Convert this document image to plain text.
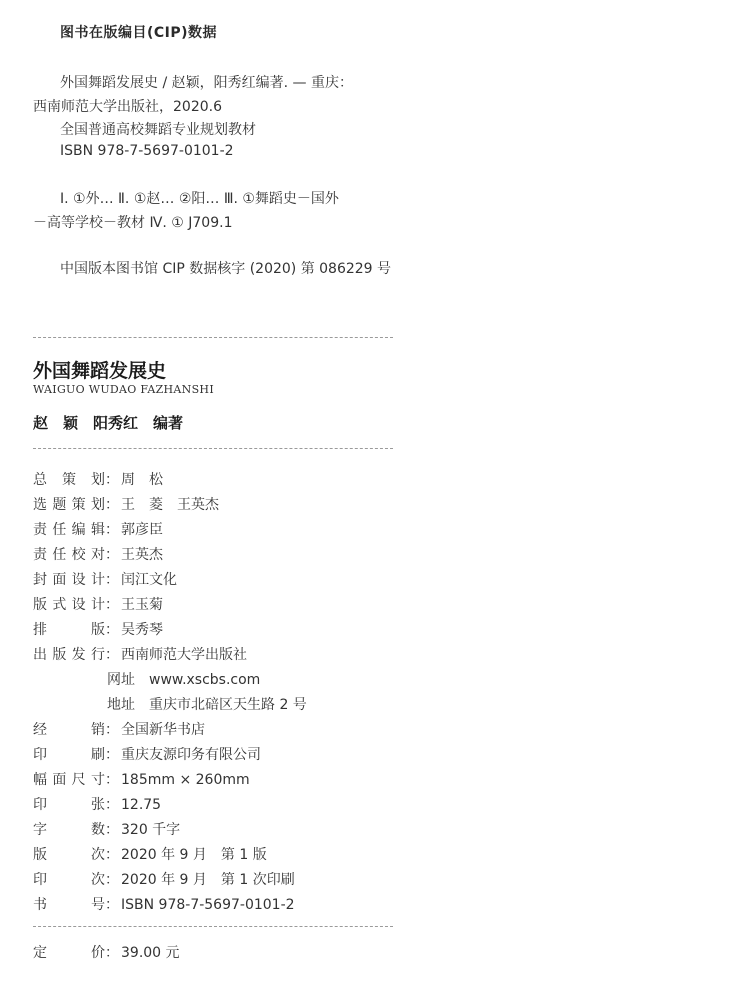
图书在版编目(CIP)数据
外国舞蹈发展史 / 赵颖，阳秀红编著. — 重庆：
西南师范大学出版社，2020.6
全国普通高校舞蹈专业规划教材
ISBN 978-7-5697-0101-2
Ⅰ. ①外… Ⅱ. ①赵… ②阳… Ⅲ. ①舞蹈史－国外
－高等学校－教材 Ⅳ. ① J709.1
中国版本图书馆 CIP 数据核字 (2020) 第 086229 号
外国舞蹈发展史
WAIGUO WUDAO FAZHANSHI
赵　颖　阳秀红　编著
总 策 划： 周　松
选题策划： 王　菱　王英杰
责任编辑： 郭彦臣
责任校对： 王英杰
封面设计： 闰江文化
版式设计： 王玉菊
排　　版： 吴秀琴
出版发行： 西南师范大学出版社
网址　www.xscbs.com
地址　重庆市北碚区天生路 2 号
经　　销： 全国新华书店
印　　刷： 重庆友源印务有限公司
幅面尺寸： 185mm × 260mm
印　　张： 12.75
字　　数： 320 千字
版　　次： 2020 年 9 月　第 1 版
印　　次： 2020 年 9 月　第 1 次印刷
书　　号： ISBN 978-7-5697-0101-2
定　　价： 39.00 元
